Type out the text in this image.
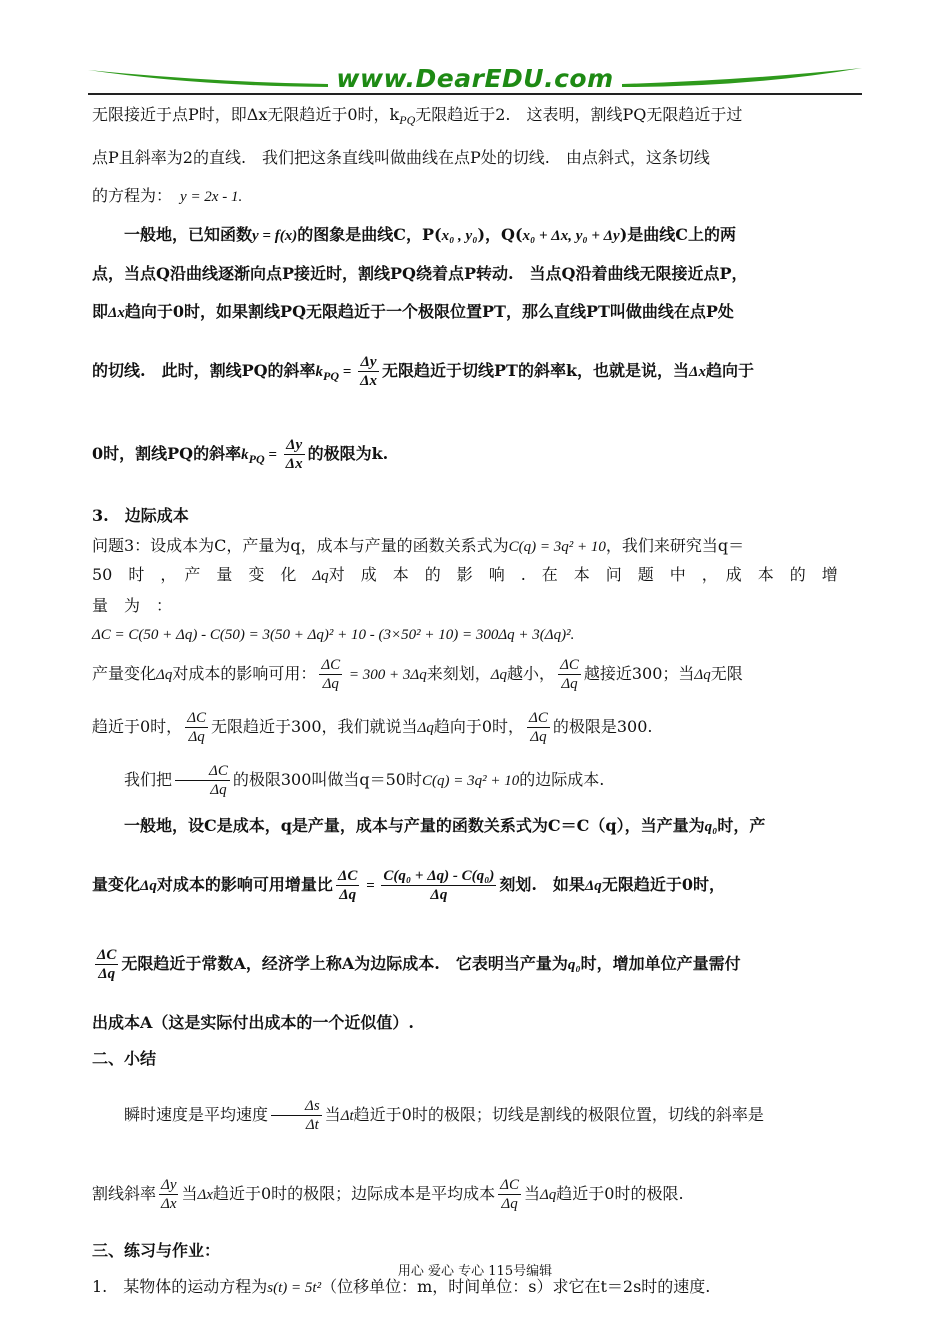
www.DearEDU.com

无限接近于点P时，即Δx无限趋近于0时，$k_{PQ}$无限趋近于2.　这表明，割线PQ无限趋近于过

点P且斜率为2的直线.　我们把这条直线叫做曲线在点P处的切线.　由点斜式，这条切线

的方程为：　 y = 2x - 1.

一般地，已知函数y = f(x)的图象是曲线C，P(x₀ , y₀)，Q(x₀ + Δx, y₀ + Δy)是曲线C上的两

点，当点Q沿曲线逐渐向点P接近时，割线PQ绕着点P转动.　当点Q沿着曲线无限接近点P，

即Δx趋向于0时，如果割线PQ无限趋近于一个极限位置PT，那么直线PT叫做曲线在点P处

的切线.　此时，割线PQ的斜率$k_{PQ} = \frac{\Delta y}{\Delta x}$ 无限趋近于切线PT的斜率k，也就是说，当Δx趋向于

0时，割线PQ的斜率$k_{PQ} = \frac{\Delta y}{\Delta x}$ 的极限为k.

3.　边际成本

问题3：设成本为C，产量为q，成本与产量的函数关系式为C(q) = 3q² + 10，我们来研究当q＝

50　时　，　产　量　变　化　Δq对　成　本　的　影　响　.　在　本　问　题　中　，　成　本　的　增　量　为　：

ΔC = C(50 + Δq) - C(50) = 3(50 + Δq)² + 10 - (3×50² + 10) = 300Δq + 3(Δq)².

产量变化Δq对成本的影响可用： $\frac{\Delta C}{\Delta q} = 300 + 3\Delta q$来刻划，Δq越小， $\frac{\Delta C}{\Delta q}$ 越接近300；当Δq无限

趋近于0时， $\frac{\Delta C}{\Delta q}$ 无限趋近于300，我们就说当Δq趋向于0时， $\frac{\Delta C}{\Delta q}$ 的极限是300.

我们把 $\frac{\Delta C}{\Delta q}$ 的极限300叫做当q＝50时C(q) = 3q² + 10的边际成本.

一般地，设C是成本，q是产量，成本与产量的函数关系式为C＝C（q），当产量为q₀时，产

量变化Δq对成本的影响可用增量比 $\frac{\Delta C}{\Delta q} = \frac{\text{C(q₀ + Δq) - C(q₀)}}{\Delta q}$ 刻划.　如果Δq无限趋近于0时，

$\frac{\Delta C}{\Delta q}$ 无限趋近于常数A，经济学上称A为边际成本.　它表明当产量为q₀时，增加单位产量需付

出成本A（这是实际付出成本的一个近似值）.

二、小结

瞬时速度是平均速度 $\frac{\Delta s}{\Delta t}$ 当Δt趋近于0时的极限；切线是割线的极限位置，切线的斜率是

割线斜率 $\frac{\Delta y}{\Delta x}$ 当Δx趋近于0时的极限；边际成本是平均成本 $\frac{\Delta C}{\Delta q}$ 当Δq趋近于0时的极限.

三、练习与作业：

1.　某物体的运动方程为s(t) = 5t²（位移单位：m，时间单位：s）求它在t＝2s时的速度.

用心 爱心 专心 115号编辑
